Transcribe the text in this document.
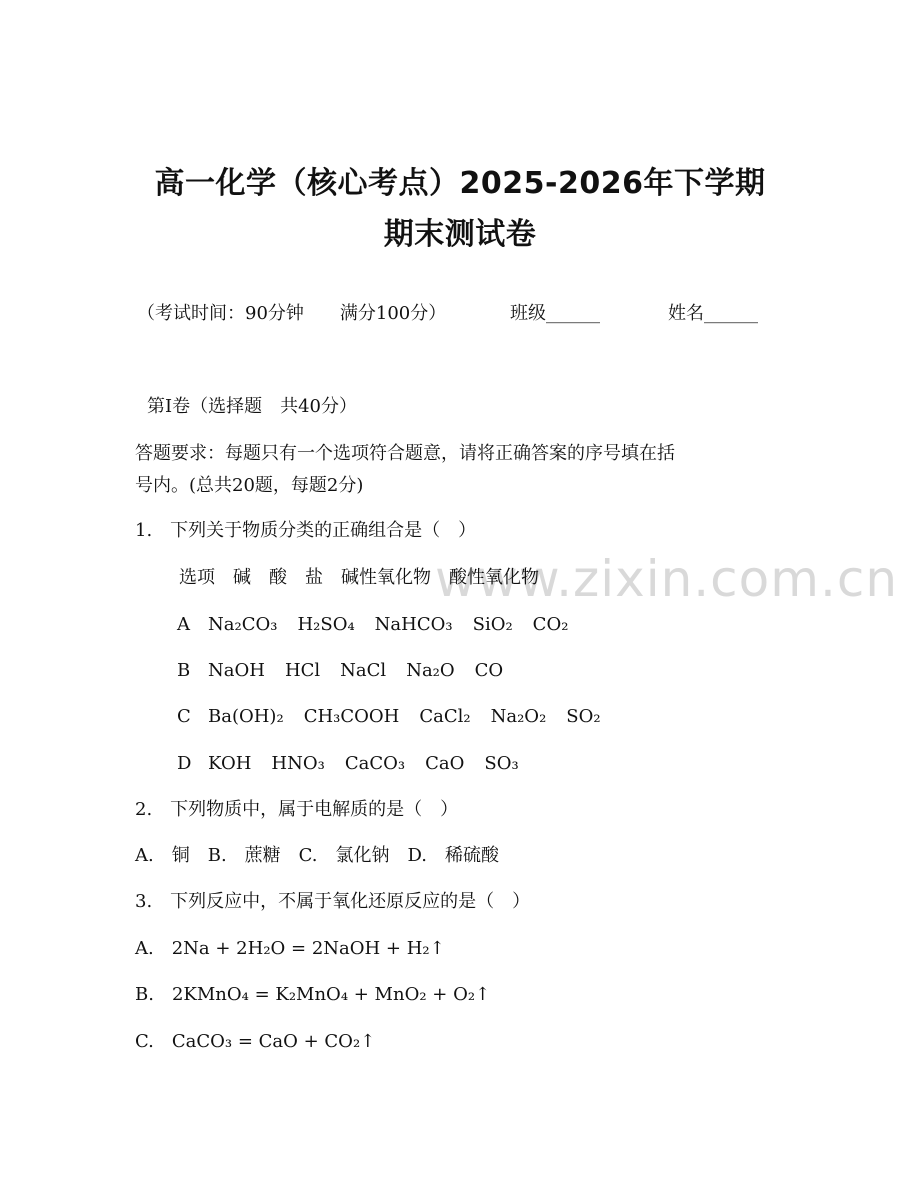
www.zixin.com.cn
高一化学（核心考点）2025-2026年下学期
期末测试卷
（考试时间：90分钟　　满分100分）	班级______	姓名______
第Ⅰ卷（选择题　共40分）
答题要求：每题只有一个选项符合题意，请将正确答案的序号填在括
号内。(总共20题，每题2分)
1.　下列关于物质分类的正确组合是（　）
选项　碱　酸　盐　碱性氧化物　酸性氧化物
A	Na₂CO₃ H₂SO₄ NaHCO₃ SiO₂ CO₂
B NaOH HCl NaCl Na₂O CO
C Ba(OH)₂ CH₃COOH CaCl₂ Na₂O₂ SO₂
D KOH HNO₃ CaCO₃ CaO SO₃
2.　下列物质中，属于电解质的是（　）
A.　铜　B.　蔗糖　C.　氯化钠　D.　稀硫酸
3.　下列反应中，不属于氧化还原反应的是（　）
A.　2Na + 2H₂O = 2NaOH + H₂↑
B.　2KMnO₄ = K₂MnO₄ + MnO₂ + O₂↑
C.　CaCO₃ = CaO + CO₂↑
